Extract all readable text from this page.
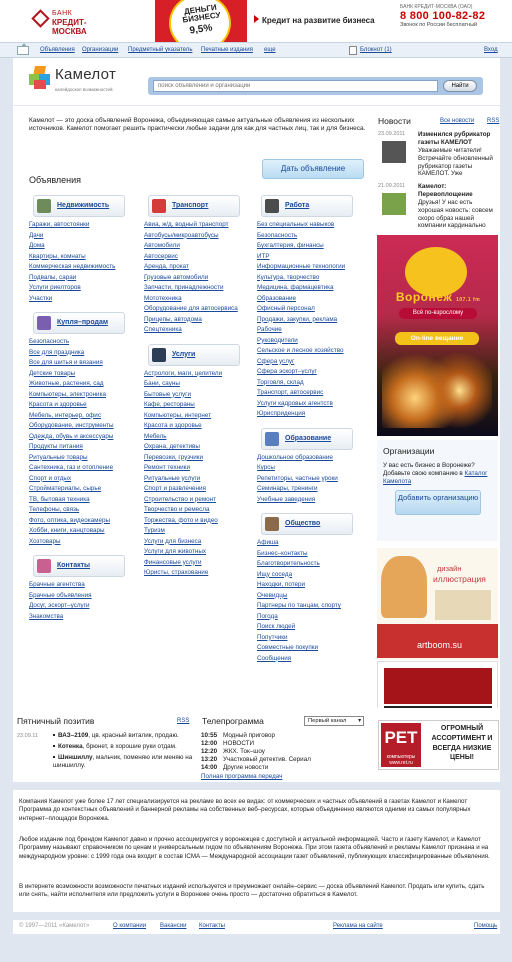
БАНК
КРЕДИТ-МОСКВА
ДЕНЬГИ БИЗНЕСУ
9,5%
Кредит на развитие бизнеса
БАНК КРЕДИТ-МОСКВА (ОАО)
8 800 100-82-82
Звонок по России бесплатный
Объявления Организации Предметный указатель Печатные издания еще	Блокнот (1)	Вход
Камелот
калейдоскоп возможностей
поиск объявлений и организаций
Найти
Камелот — это доска объявлений Воронежа, объединяющая самые актуальные объявления из нескольких источников. Камелот помогает решить практически любые задачи для как для частных лиц, так и для бизнеса.
Дать объявление
Объявления
Недвижимость
Гаражи, автостоянки
Дачи
Дома
Квартиры, комнаты
Коммерческая недвижимость
Подвалы, сараи
Услуги риелторов
Участки
Купля–продам
Безопасность
Все для праздника
Все для шитья и вязания
Детские товары
Животные, растения, сад
Компьютеры, электроника
Красота и здоровье
Мебель, интерьер, офис
Оборудование, инструменты
Одежда, обувь и аксессуары
Продукты питания
Ритуальные товары
Сантехника, газ и отопление
Спорт и отдых
Стройматериалы, сырье
ТВ, бытовая техника
Телефоны, связь
Фото, оптика, видеокамеры
Хобби, книги, канцтовары
Хозтовары
Контакты
Брачные агентства
Брачные объявления
Досуг, эскорт–услуги
Знакомства
Транспорт
Авиа, ж/д, водный транспорт
Автобусы/микроавтобусы
Автомобили
Автосервис
Аренда, прокат
Грузовые автомобили
Запчасти, принадлежности
Мототехника
Оборудование для автосервиса
Прицепы, автодома
Спецтехника
Услуги
Астрологи, маги, целители
Бани, сауны
Бытовые услуги
Кафе, рестораны
Компьютеры, интернет
Красота и здоровье
Мебель
Охрана, детективы
Перевозки, грузчики
Ремонт техники
Ритуальные услуги
Спорт и развлечения
Строительство и ремонт
Творчество и ремесла
Торжества, фото и видео
Туризм
Услуги для бизнеса
Услуги для животных
Финансовые услуги
Юристы, страхование
Работа
Без специальных навыков
Безопасность
Бухгалтерия, финансы
ИТР
Информационные технологии
Культура, творчество
Медицина, фармацевтика
Образование
Офисный персонал
Продажи, закупки, реклама
Рабочие
Руководители
Сельское и лесное хозяйство
Сфера услуг
Сфера эскорт–услуг
Торговля, склад
Транспорт, автосервис
Услуги кадровых агентств
Юрисприденция
Образование
Дошкольное образование
Курсы
Репетиторы, частные уроки
Семинары, тренинги
Учебные заведения
Общество
Афиша
Бизнес–контакты
Благотворительность
Ищу соседа
Находки, потери
Очевидцы
Партнеры по танцам, спорту
Погода
Поиск людей
Попутчики
Совместные покупки
Сообщения
Новости	Все новости RSS
23.09.2011 Изменился рубрикатор газеты КАМЕЛОТ
Уважаемые читатели! Встречайте обновленный рубрикатор газеты КАМЕЛОТ. Уже
21.09.2011 Камелот: Перевоплощение
Друзья! У нас есть хорошая новость: совсем скоро образ нашей компании кардинально
Воронеж 107.1 fm
Всё по-взрослому
On-line вещание
Организации
У вас есть бизнес в Воронеже? Добавьте свою компанию в Каталог Камелота
Добавить организацию
дизайн
иллюстрация
artboom.su
Пятничный позитив	RSS
23.09.11	ВАЗ–2109, цв. красный виталик, продаю.
Котенка, брюнет, в хорошие руки отдам.
Шиншиллу, мальчик, поменяю или меняю на шиншиллу.
Телепрограмма	Первый канал ▾
10:55 Модный приговор
12:00 НОВОСТИ
12:20 ЖКХ. Ток–шоу
13:20 Участковый детектив. Сериал
14:00 Другие новости
Полная программа передач
РЕТ
компьютеры www.ret.ru
ОГРОМНЫЙ АССОРТИМЕНТ И ВСЕГДА НИЗКИЕ ЦЕНЫ!

Компания Камелот уже более 17 лет специализируется на рекламе во всех ее видах: от коммерческих и частных объявлений в газетах Камелот и Камелот Программа до контекстных объявлений и баннерной рекламы на собственных веб–ресурсах, которые объединенно являются одними из самых популярных интернет–площадок Воронежа.

Любое издание под брендом Камелот давно и прочно ассоциируется у воронежцев с доступной и актуальной информацией. Часто и газету Камелот, и Камелот Программу называют справочником по ценам и универсальным гидом по объявлениям Воронежа. При этом газета объявлений и рекламы Камелот признана и на международном уровне: с 1999 года она входит в состав ICMA — Международной ассоциации газет объявлений, публикующих классифицированные объявления.

В интернете возможности возможности печатных изданий используется и преумножает онлайн–сервис — доска объявлений Камелот. Продать или купить, сдать или снять, найти исполнителя или предложить услуги в Воронеже очень просто — достаточно обратиться в Камелот.

© 1997—2011 «Камелот»	О компании Вакансии Контакты	Реклама на сайте	Помощь
